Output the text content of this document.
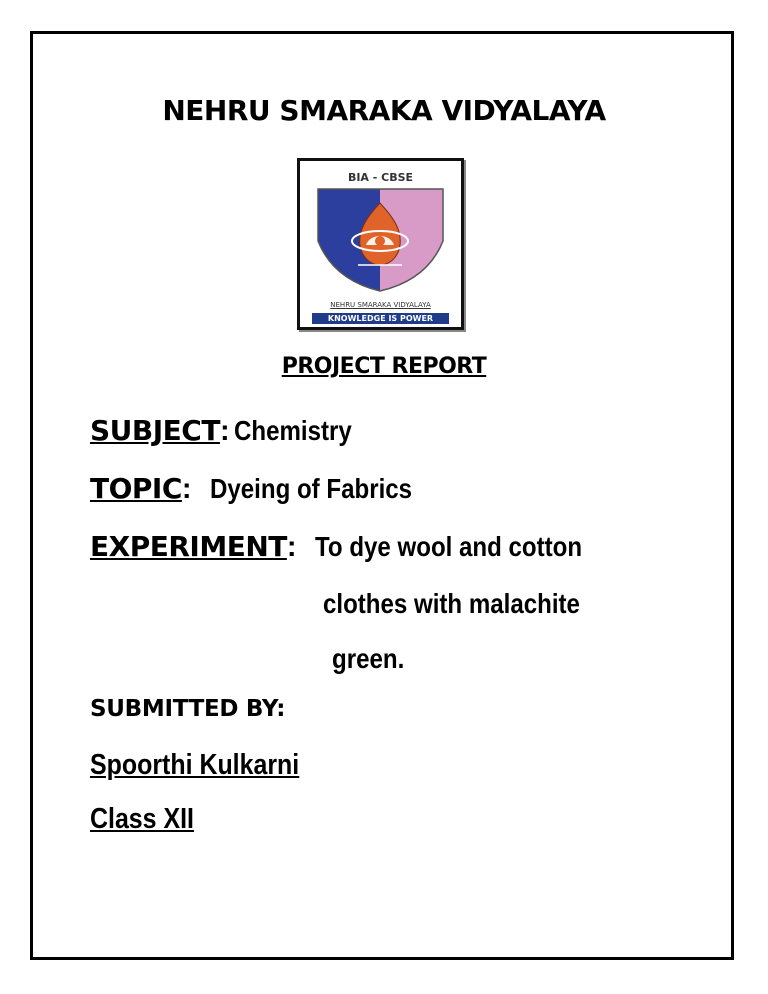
NEHRU SMARAKA VIDYALAYA
BIA - CBSE
NEHRU SMARAKA VIDYALAYA
KNOWLEDGE IS POWER
PROJECT REPORT
SUBJECT: Chemistry
TOPIC: Dyeing of Fabrics
EXPERIMENT: To dye wool and cotton
clothes with malachite
green.
SUBMITTED BY:
Spoorthi Kulkarni
Class XII
